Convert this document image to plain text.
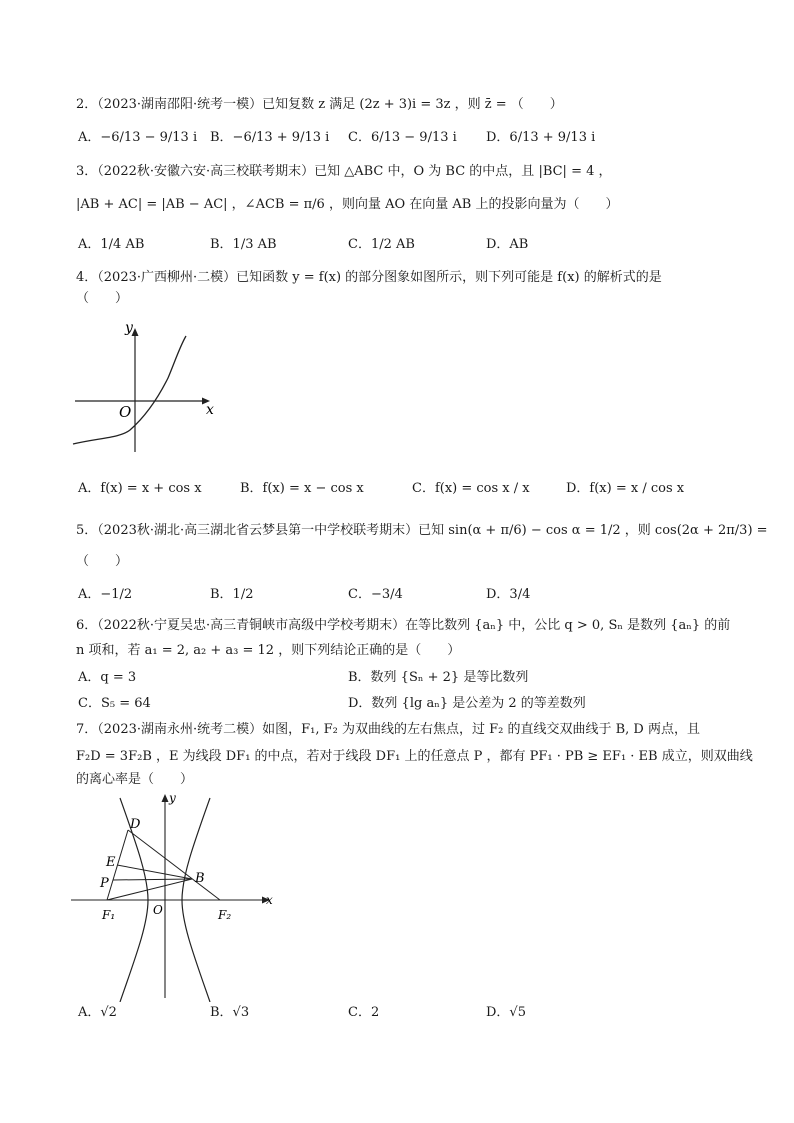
2．（2023·湖南邵阳·统考一模）已知复数 z 满足 (2z + 3)i = 3z ，则 z̄ = （　　）
A．−6/13 − 9/13 i B．−6/13 + 9/13 i C．6/13 − 9/13 i D．6/13 + 9/13 i
3．（2022秋·安徽六安·高三校联考期末）已知 △ABC 中，O 为 BC 的中点，且 |BC| = 4 ，
|AB + AC| = |AB − AC| ，∠ACB = π/6 ，则向量 AO 在向量 AB 上的投影向量为（　　）
A．1/4 AB	B．1/3 AB	C．1/2 AB	D．AB
4．（2023·广西柳州·二模）已知函数 y = f(x) 的部分图象如图所示，则下列可能是 f(x) 的解析式的是
（　　）
y
x
O
A．f(x) = x + cos x	B．f(x) = x − cos x	C．f(x) = cos x / x	D．f(x) = x / cos x
5．（2023秋·湖北·高三湖北省云梦县第一中学校联考期末）已知 sin(α + π/6) − cos α = 1/2 ，则 cos(2α + 2π/3) =
（　　）
A．−1/2	B．1/2	C．−3/4	D．3/4
6．（2022秋·宁夏吴忠·高三青铜峡市高级中学校考期末）在等比数列 {aₙ} 中，公比 q > 0, Sₙ 是数列 {aₙ} 的前
n 项和，若 a₁ = 2, a₂ + a₃ = 12 ，则下列结论正确的是（　　）
A．q = 3	B．数列 {Sₙ + 2} 是等比数列
C．S₅ = 64	D．数列 {lg aₙ} 是公差为 2 的等差数列
7．（2023·湖南永州·统考二模）如图，F₁, F₂ 为双曲线的左右焦点，过 F₂ 的直线交双曲线于 B, D 两点，且
F₂D = 3F₂B ，E 为线段 DF₁ 的中点，若对于线段 DF₁ 上的任意点 P ，都有 PF₁ · PB ≥ EF₁ · EB 成立，则双曲线
的离心率是（　　）
D
E
P	B
F₁	F₂
O
y
x
A．√2	B．√3	C．2	D．√5
